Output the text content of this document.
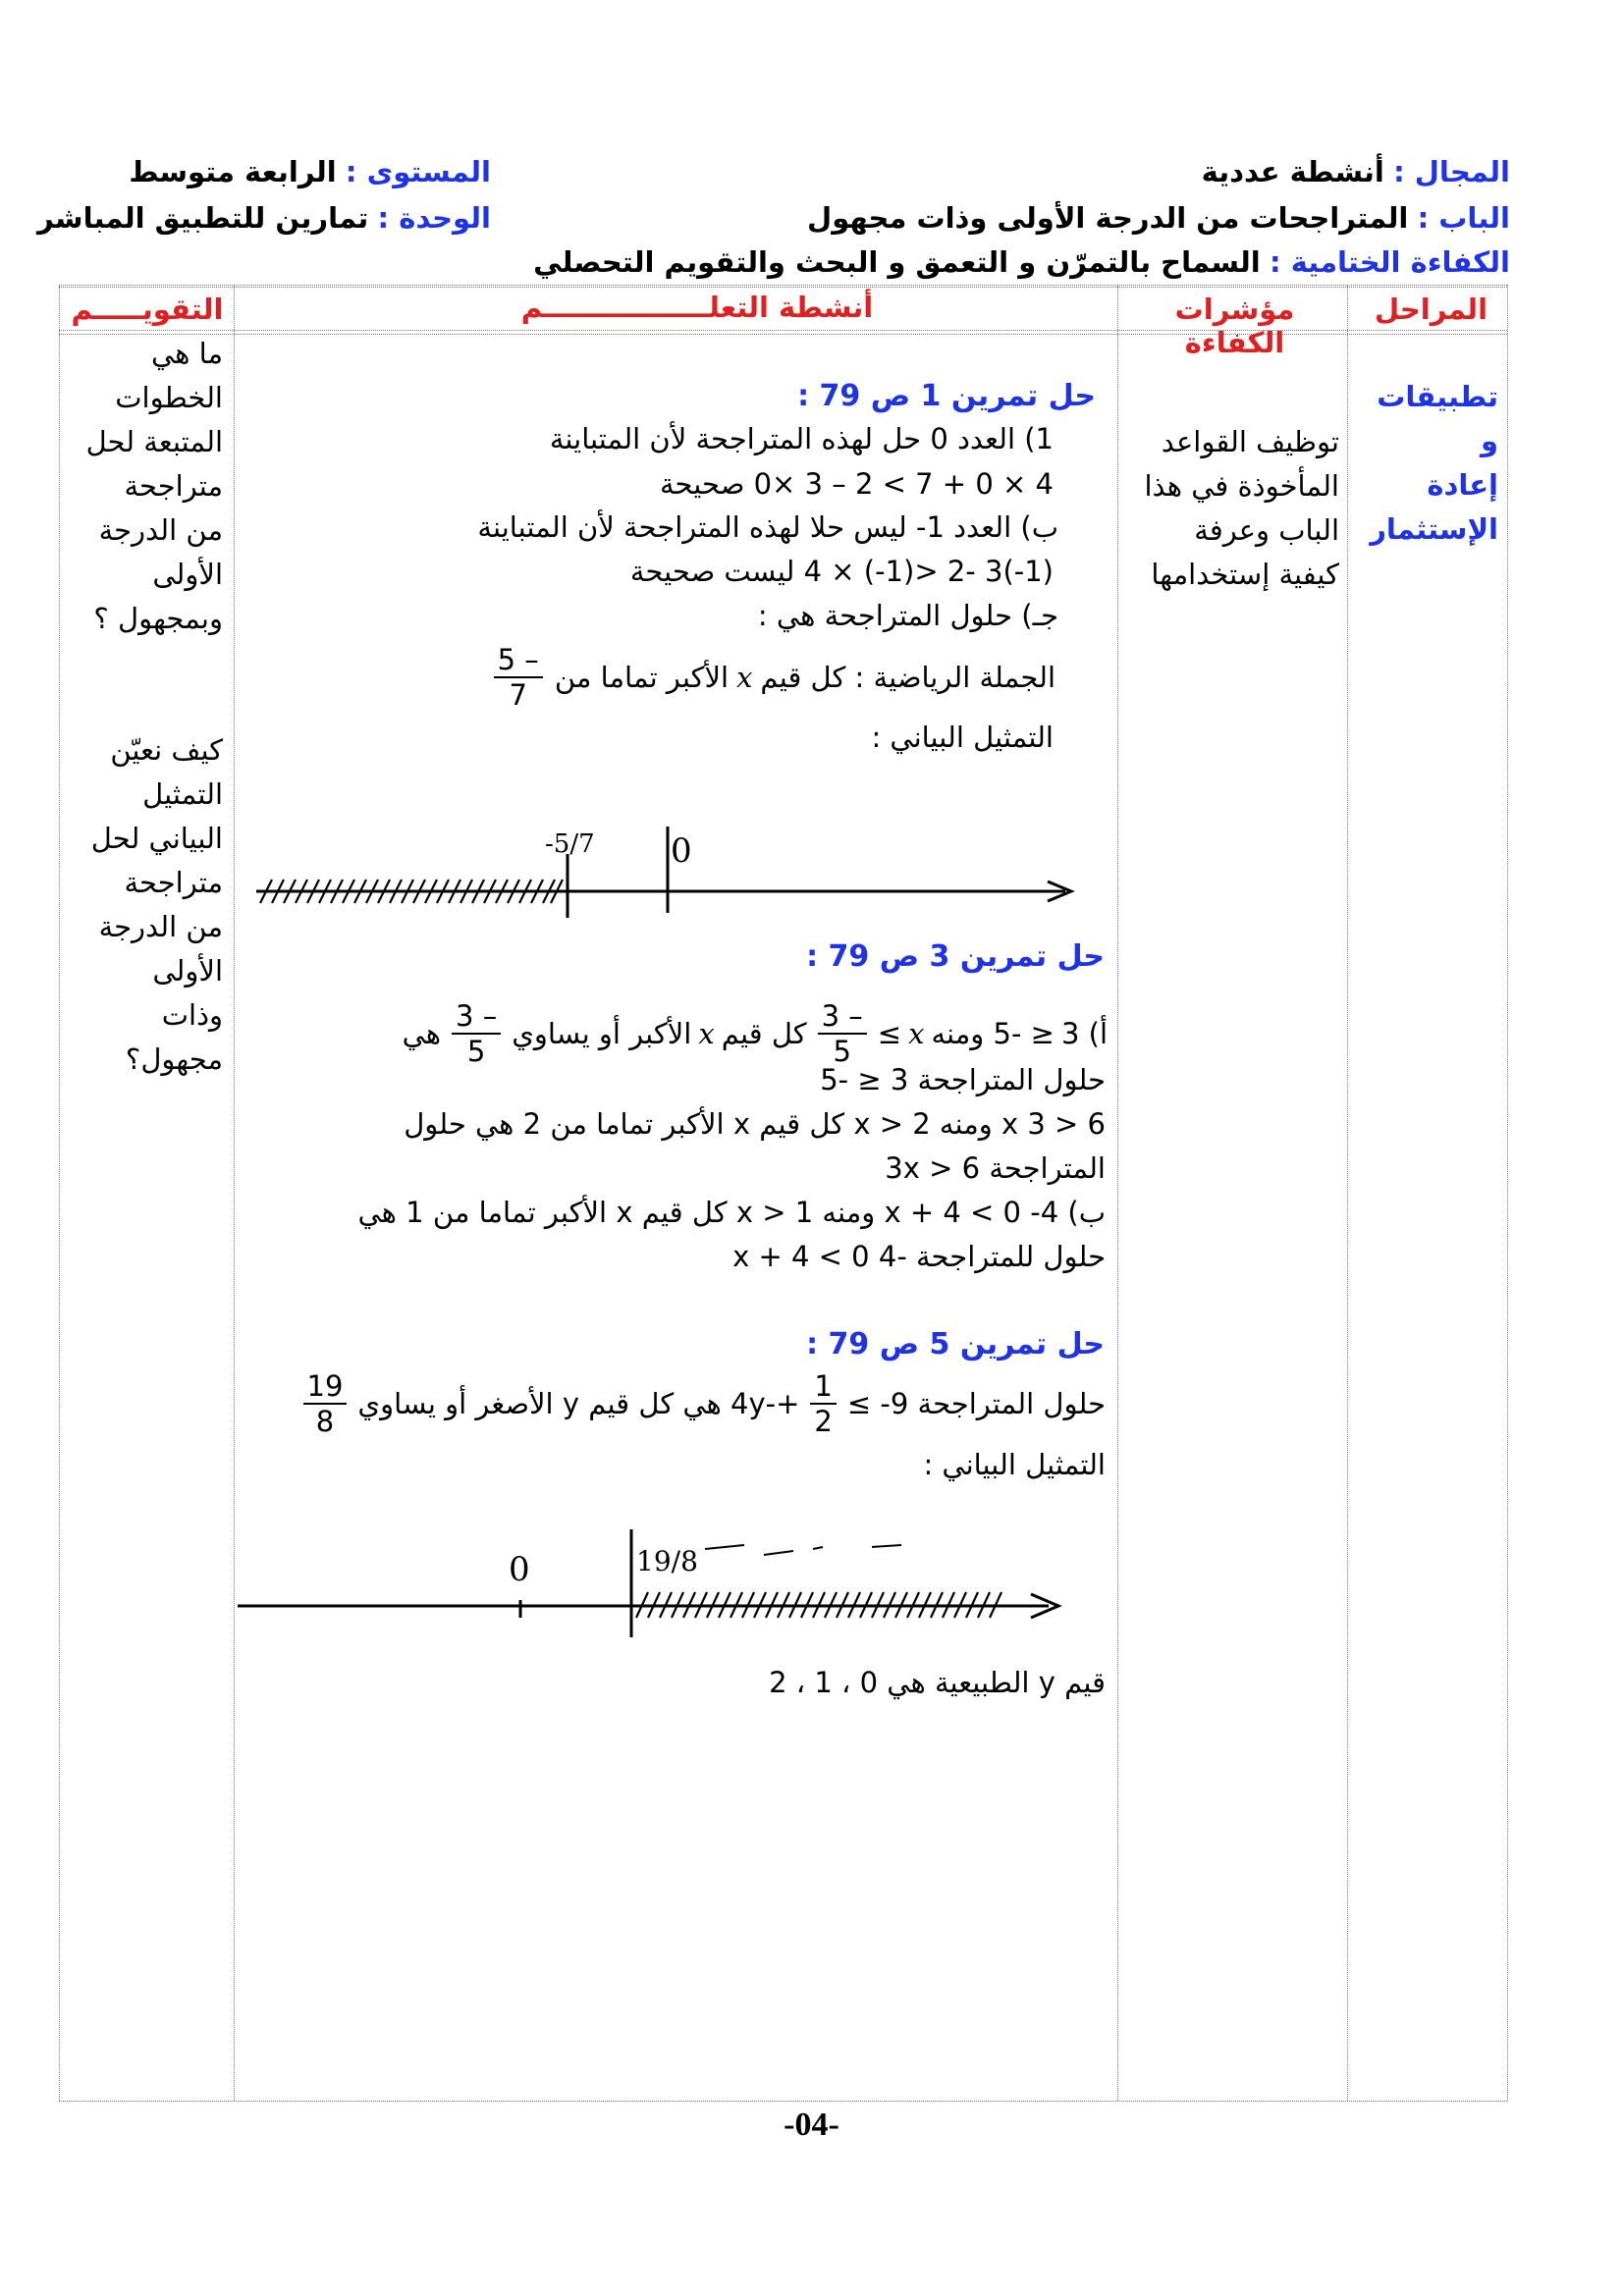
المجال : أنشطة عددية
المستوى : الرابعة متوسط
الباب : المتراجحات من الدرجة الأولى وذات مجهول
الوحدة : تمارين للتطبيق المباشر
الكفاءة الختامية : السماح بالتمرّن و التعمق و البحث والتقويم التحصلي
المراحل
مؤشرات الكفاءة
أنشطة التعلـــــــــــــــــم
التقويـــــم
تطبيقات و
إعادة
الإستثمار
توظيف القواعد
المأخوذة في هذا
الباب وعرفة
كيفية إستخدامها
ما هي
الخطوات
المتبعة لحل
متراجحة
من الدرجة
الأولى
وبمجهول ؟
كيف نعيّن
التمثيل
البياني لحل
متراجحة
من الدرجة
الأولى
وذات
مجهول؟
حل تمرين 1 ص 79 :
1) العدد 0 حل لهذه المتراجحة لأن المتباينة
4 × 0 + 7 > 2 – 3 ×0 صحيحة
ب) العدد 1- ليس حلا لهذه المتراجحة لأن المتباينة
(1-)3 -2 <(1-) × 4 ليست صحيحة
جـ) حلول المتراجحة هي :
الجملة الرياضية : كل قيم
x
الأكبر تماما من
$\frac{- 5}{7}$
التمثيل البياني :
0
-5/7
حل تمرين 3 ص 79 :
أ) 3
≤ -5 ومنه
x
≥
$\frac{- 3}{5}$
كل قيم
x
الأكبر أو يساوي
$\frac{- 3}{5}$
هي
حلول المتراجحة 3 ≤ -5
x 3 > 6 ومنه x > 2 كل قيم x الأكبر تماما من 2 هي حلول
المتراجحة 3x > 6
ب) 4- x + 4 < 0 ومنه x > 1 كل قيم x الأكبر تماما من 1 هي
حلول للمتراجحة -4 x + 4 < 0
حل تمرين 5 ص 79 :
حلول المتراجحة 9- ≥
$\frac{1}{2}$
+-4y هي كل قيم y الأصغر أو يساوي
$\frac{19}{8}$
التمثيل البياني :
0	19/8
قيم y الطبيعية هي 0 ، 1 ، 2
-04-
